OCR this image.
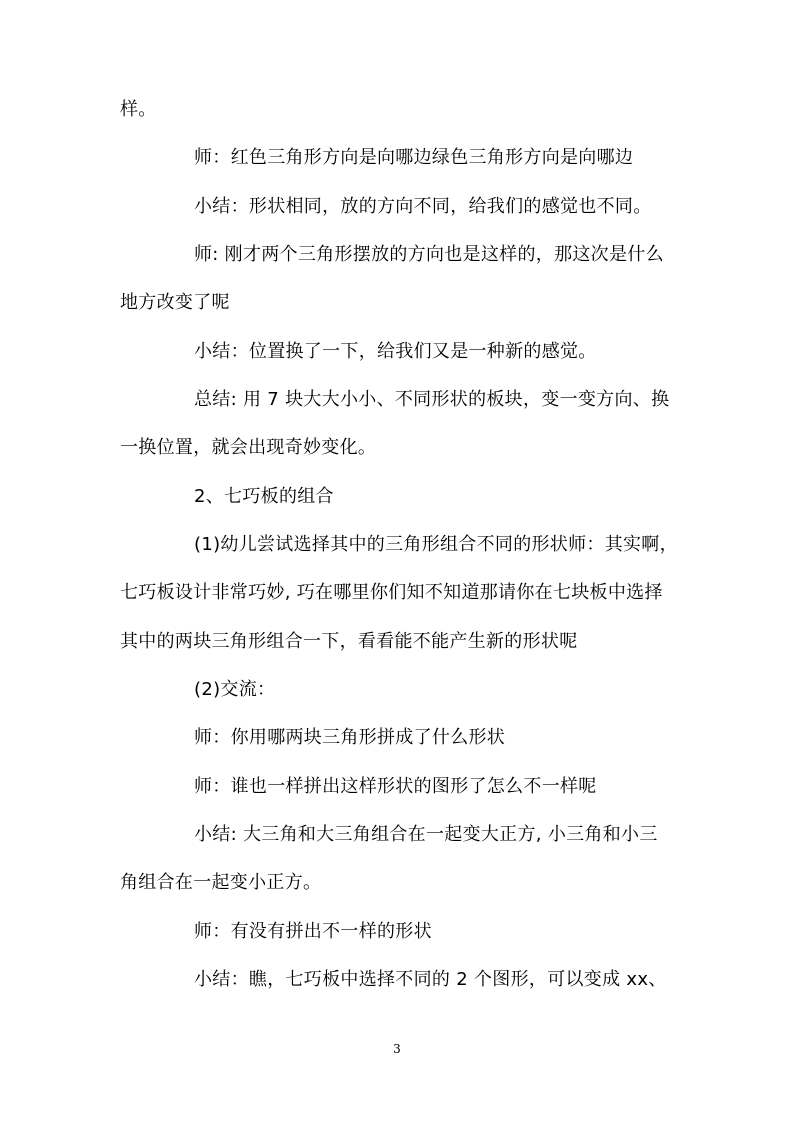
样。
师：红色三角形方向是向哪边绿色三角形方向是向哪边
小结：形状相同，放的方向不同，给我们的感觉也不同。
师: 刚才两个三角形摆放的方向也是这样的，那这次是什么
地方改变了呢
小结：位置换了一下，给我们又是一种新的感觉。
总结: 用 7 块大大小小、不同形状的板块，变一变方向、换
一换位置，就会出现奇妙变化。
2、七巧板的组合
(1)幼儿尝试选择其中的三角形组合不同的形状师：其实啊，
七巧板设计非常巧妙, 巧在哪里你们知不知道那请你在七块板中选择
其中的两块三角形组合一下，看看能不能产生新的形状呢
(2)交流：
师：你用哪两块三角形拼成了什么形状
师：谁也一样拼出这样形状的图形了怎么不一样呢
小结: 大三角和大三角组合在一起变大正方, 小三角和小三
角组合在一起变小正方。
师：有没有拼出不一样的形状
小结：瞧，七巧板中选择不同的 2 个图形，可以变成 xx、
3
